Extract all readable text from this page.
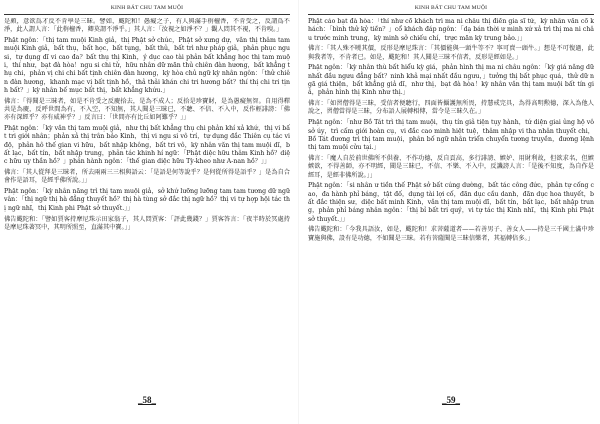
KINH BÁT CHU TAM MUỘI

是頗，意欲爲才反不肯學是三昧。譬如，颰陀和！愚癡之子，有人與滿手栴檀香，不肯受之，反謂爲不淨，此人謂人言：「此栴檀香，卿莫謂不淨乎。」其人言：「汝視之如淨不？」觀人問其不視，不肯嗅。」

Phật ngôn：「thị tam muội Kinh giả，thị Phật sở chúc，Phật sở xưng dự，văn thị thâm tam muội Kinh giả，bất thụ，bất học，bất tụng，bất thủ，bất trì như pháp giả，phản phục ngu si，tự dụng dĩ vi cao đa？bất thụ thị Kinh，ý dục cao tài phản bất khẳng học thị tam muội，thí như，bạt đà hòa！ngu si chi tử，hữu nhân dữ mãn thủ chiên đàn hương，bất khẳng thụ chi，phản vị chi chi bất tịnh chiên đàn hương，kỳ hòa chủ ngữ kỳ nhân ngôn：「thử chiên đàn hương，khanh mạc vị bất tịnh hồ，thả thải khán chi tri hương bất？thí thị chi tri tịnh bất？」kỳ nhân bế mục bất thị，bất khẳng khứu.」

佛言：「得聞是三昧者，如是不肯受之反慶拾去，是為不成人；反拾是珍寶財，是為愚癡無智。自用得釋共是為慶，反呼世間為有，不入空，不知無，其人聞是三昧已，不聽、不信、不入中，反作輕誹謗：「佛亦有深經乎？亦有威神乎？」反言曰：「世間亦有比丘如阿難乎？」」

Phật ngôn：「kỳ văn thị tam muội giả，như thị bất khẳng thụ chi phản khí xả khứ，thị vi bất tri giới nhân；phản xả thị trân bảo Kinh，thị vi ngu si vô trí，tự dụng đắc Thiên cụ tác vi độ，phản hô thế gian vi hữu，bất nhập không，bất tri vô，kỳ nhân văn thị tam muội dĩ，bất lạc，bất tín，bất nhập trung，phản tác khinh hí ngữ：「Phật diệc hữu thâm Kinh hồ？diệc hữu uy thần hồ？」phản hành ngôn：「thế gian diệc hữu Tỳ-kheo như A-nan hồ？」」

佛言：「其人從拜是三昧者，所去兩兩三三相與語云：「是語是何等說乎？是何從所得是語乎？」是為自合會作是語耳，是經乎佛所說。」」

Phật ngôn：「kỳ nhân nãng trì thị tam muội giả，sở khứ lưỡng lưỡng tam tam tương dữ ngữ vân：「thị ngữ thị hà đẳng thuyết hồ？thị hà tùng sở đắc thị ngữ hồ？thị vi tự hợp hội tác thị ngữ nhĩ，thị Kinh phi Phật sở thuyết.」」

佛告颰陀和：「譬如賈客持摩尼珠示田家翁子，其人問賈客：「評此幾錢？」賈客答言：「夜半時於冥處持是摩尼珠著冥中，其明所照至，直滿其中寶。」」

_58_
KINH BÁT CHU TAM MUỘI

Phật cáo bạt đà hòa：「thí như cổ khách trì ma ni châu thị điền gia sĩ tử，kỳ nhân vấn cổ khách：「bình thử kỷ tiền？」cổ khách đáp ngôn：「dạ bán thời ư minh xứ xả trì thị ma ni châu trước minh trung，kỳ minh sở chiếu chí，trực mãn kỳ trung bảo.」」

佛言：「其人殊不曉其價，反形是摩尼珠言：「其價能與一頭牛等不？寧可賣一頭牛。」想是不可復過，此與我者等，不肯者已。如是，颰陀和！其人聞是三昧不信者，反形是經如是。」

Phật ngôn：「kỳ nhân thù bất hiểu kỳ giá，phản hình thị ma ni châu ngôn：「kỳ giá năng dữ nhất đầu ngưu đẳng bất？ninh khả mại nhất đầu ngưu，」tưởng thị bất phục quá，thử dữ ngã giá thiện，bất khẳng giả dĩ，như thị，bạt đà hòa！kỳ nhân văn thị tam muội bất tín giả，phản hình thị Kinh như thị.」

佛言：「如習僧得是三昧，受信者便聽行，四面皆攝護無所畏，持慧戒完具，為得高明勲德，深入為他人說之，習僧當得是三昧，分布語人展轉相傳，當令是三昧久在。」

Phật ngôn：「như Bồ Tát trì thị tam muội，thụ tín giả tiện tụy hành，tứ diện giai ủng hộ vô sở úy，trì cấm giới hoàn cụ，vi đắc cao minh hiệt tuệ，thâm nhập vi tha nhân thuyết chi，Bồ Tát đương trì thị tam muội，phân bố ngữ nhân triển chuyển tương truyền，đương lệnh thị tam muội cửu tại.」

佛言：「魔人自於前世佛所不供養、不作功德，反自貢高，多行誹謗、嫉妒、用財利故，但欲求名，但嫉嫉欲，不得善師，亦不明經，聞是三昧已，不信、不樂、不入中，反譏謗人言：「是後不知度，為自作是經耳，是經非佛所說。」」

Phật ngôn：「si nhân ư tiền thế Phật sở bất cúng dường，bất tác công đức，phản tự cống cao，đa hành phỉ báng，tật đố，dụng tài lợi cố，đãn dục cầu danh，đãn dục hoa thuyết，bất đắc thiện sư，diệc bất minh Kinh，văn thị tam muội dĩ，bất tín，bất lạc，bất nhập trung，phản phỉ báng nhân ngôn：「thị bỉ bất tri quý，vi tự tác thị Kinh nhĩ，thị Kinh phi Phật sở thuyết.」」

佛告颰陀和：「今我具語汝，如是，颰陀和！求菩薩道者——若善男子、善女人——持是三千國土滿中珍寶施與佛，設有是功德，不如聞是三昧。若有菩薩聞是三昧信樂者，其福轉倍多。」

_59_
